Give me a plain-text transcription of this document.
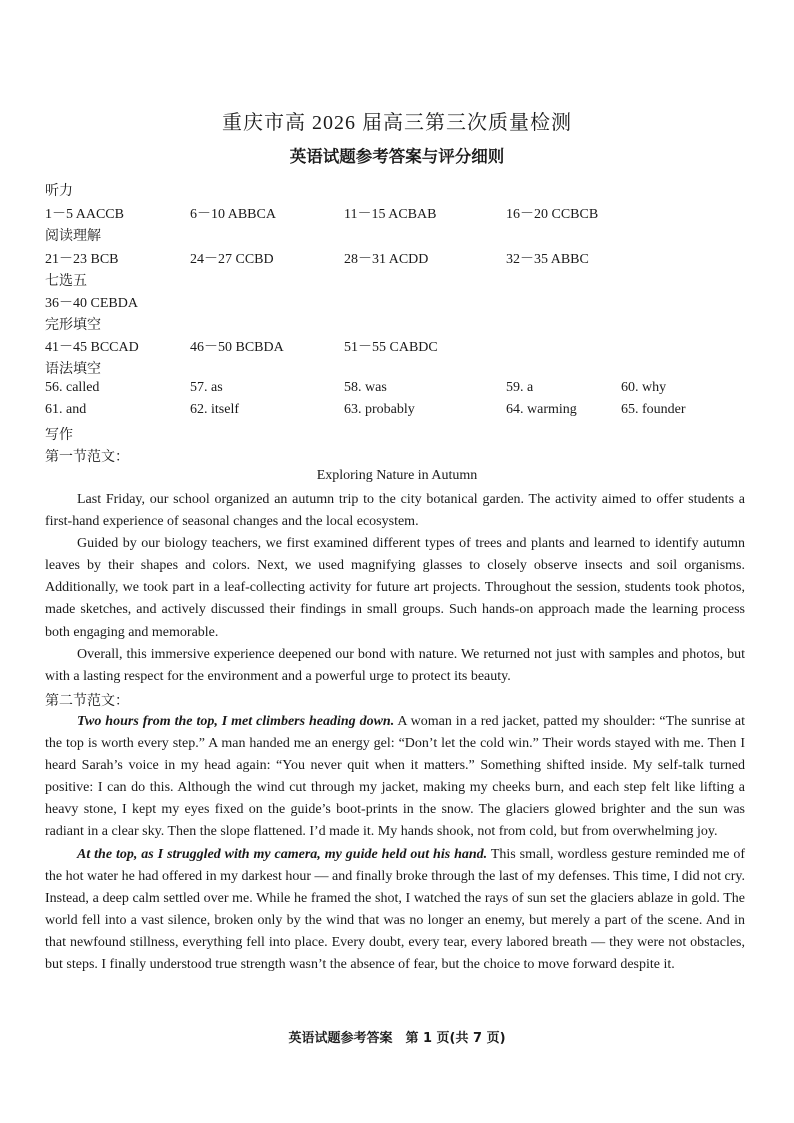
重庆市高 2026 届高三第三次质量检测
英语试题参考答案与评分细则
听力
1－5 AACCB	6－10 ABBCA	11－15 ACBAB	16－20 CCBCB
阅读理解
21－23 BCB	24－27 CCBD	28－31 ACDD	32－35 ABBC
七选五
36－40 CEBDA
完形填空
41－45 BCCAD	46－50 BCBDA	51－55 CABDC
语法填空
56. called	57. as	58. was	59. a	60. why
61. and	62. itself	63. probably	64. warming	65. founder
写作
第一节范文：
Exploring Nature in Autumn

Last Friday, our school organized an autumn trip to the city botanical garden. The activity aimed to offer students a first-hand experience of seasonal changes and the local ecosystem.

Guided by our biology teachers, we first examined different types of trees and plants and learned to identify autumn leaves by their shapes and colors. Next, we used magnifying glasses to closely observe insects and soil organisms. Additionally, we took part in a leaf-collecting activity for future art projects. Throughout the session, students took photos, made sketches, and actively discussed their findings in small groups. Such hands-on approach made the learning process both engaging and memorable.

Overall, this immersive experience deepened our bond with nature. We returned not just with samples and photos, but with a lasting respect for the environment and a powerful urge to protect its beauty.

第二节范文：

Two hours from the top, I met climbers heading down. A woman in a red jacket, patted my shoulder: “The sunrise at the top is worth every step.” A man handed me an energy gel: “Don’t let the cold win.” Their words stayed with me. Then I heard Sarah’s voice in my head again: “You never quit when it matters.” Something shifted inside. My self-talk turned positive: I can do this. Although the wind cut through my jacket, making my cheeks burn, and each step felt like lifting a heavy stone, I kept my eyes fixed on the guide’s boot-prints in the snow. The glaciers glowed brighter and the sun was radiant in a clear sky. Then the slope flattened. I’d made it. My hands shook, not from cold, but from overwhelming joy.

At the top, as I struggled with my camera, my guide held out his hand. This small, wordless gesture reminded me of the hot water he had offered in my darkest hour — and finally broke through the last of my defenses. This time, I did not cry. Instead, a deep calm settled over me. While he framed the shot, I watched the rays of sun set the glaciers ablaze in gold. The world fell into a vast silence, broken only by the wind that was no longer an enemy, but merely a part of the scene. And in that newfound stillness, everything fell into place. Every doubt, every tear, every labored breath — they were not obstacles, but steps. I finally understood true strength wasn’t the absence of fear, but the choice to move forward despite it.

英语试题参考答案　第 1 页(共 7 页)
